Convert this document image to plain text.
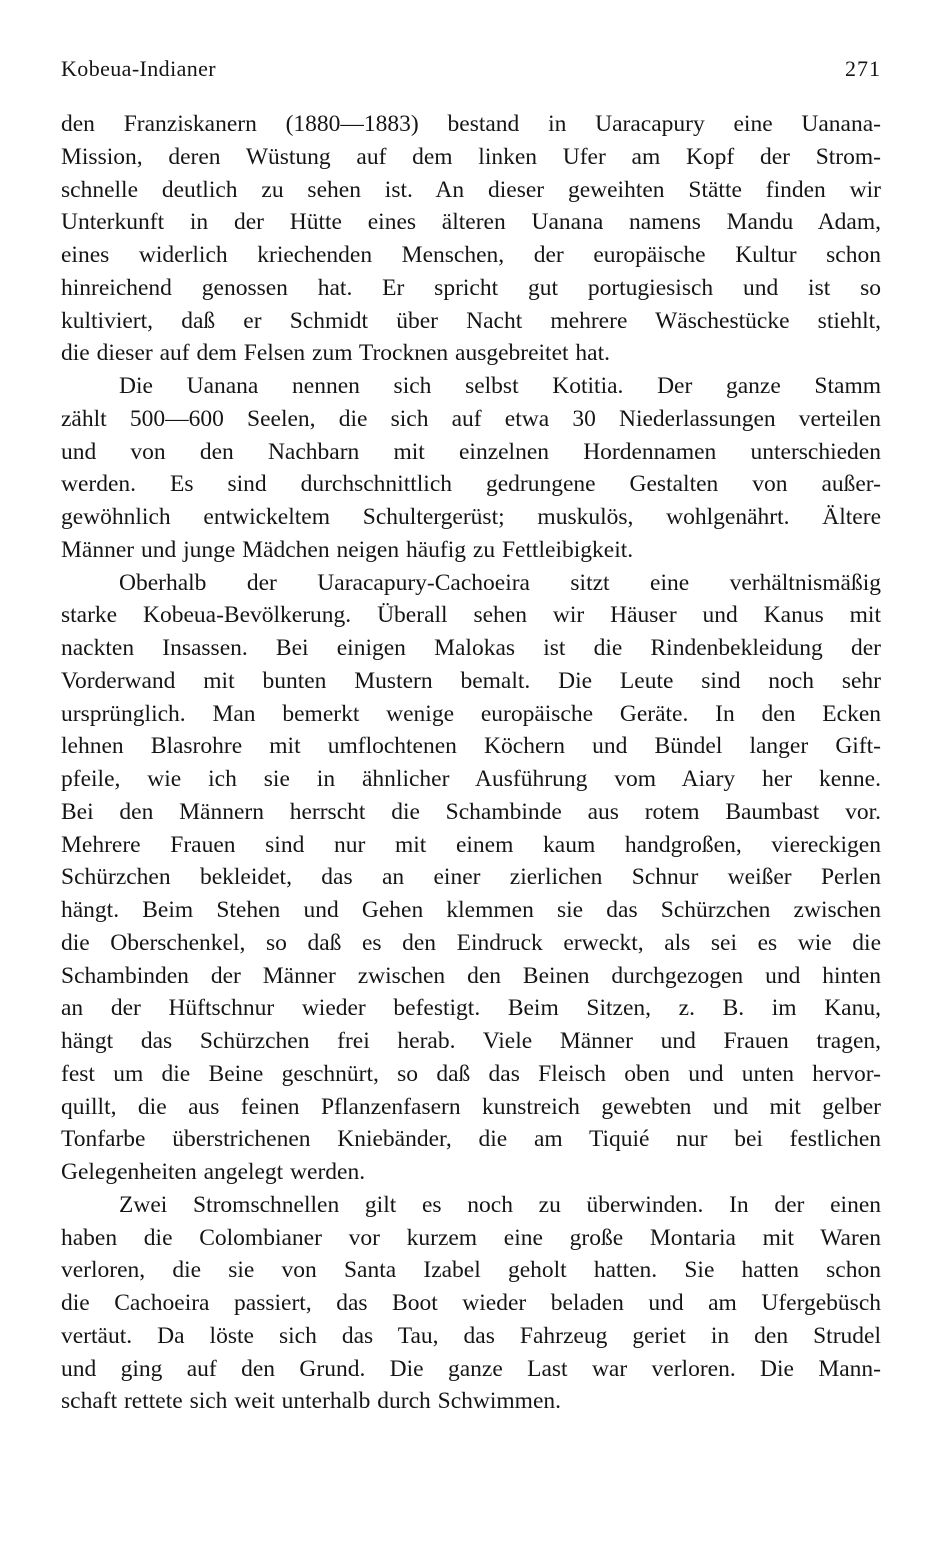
Kobeua-Indianer	271
den Franziskanern (1880—1883) bestand in Uaracapury eine Uanana-
Mission, deren Wüstung auf dem linken Ufer am Kopf der Strom-
schnelle deutlich zu sehen ist. An dieser geweihten Stätte finden wir
Unterkunft in der Hütte eines älteren Uanana namens Mandu Adam,
eines widerlich kriechenden Menschen, der europäische Kultur schon
hinreichend genossen hat. Er spricht gut portugiesisch und ist so
kultiviert, daß er Schmidt über Nacht mehrere Wäschestücke stiehlt,
die dieser auf dem Felsen zum Trocknen ausgebreitet hat.
Die Uanana nennen sich selbst Kotitia. Der ganze Stamm
zählt 500—600 Seelen, die sich auf etwa 30 Niederlassungen verteilen
und von den Nachbarn mit einzelnen Hordennamen unterschieden
werden. Es sind durchschnittlich gedrungene Gestalten von außer-
gewöhnlich entwickeltem Schultergerüst; muskulös, wohlgenährt. Ältere
Männer und junge Mädchen neigen häufig zu Fettleibigkeit.
Oberhalb der Uaracapury-Cachoeira sitzt eine verhältnismäßig
starke Kobeua-Bevölkerung. Überall sehen wir Häuser und Kanus mit
nackten Insassen. Bei einigen Malokas ist die Rindenbekleidung der
Vorderwand mit bunten Mustern bemalt. Die Leute sind noch sehr
ursprünglich. Man bemerkt wenige europäische Geräte. In den Ecken
lehnen Blasrohre mit umflochtenen Köchern und Bündel langer Gift-
pfeile, wie ich sie in ähnlicher Ausführung vom Aiary her kenne.
Bei den Männern herrscht die Schambinde aus rotem Baumbast vor.
Mehrere Frauen sind nur mit einem kaum handgroßen, viereckigen
Schürzchen bekleidet, das an einer zierlichen Schnur weißer Perlen
hängt. Beim Stehen und Gehen klemmen sie das Schürzchen zwischen
die Oberschenkel, so daß es den Eindruck erweckt, als sei es wie die
Schambinden der Männer zwischen den Beinen durchgezogen und hinten
an der Hüftschnur wieder befestigt. Beim Sitzen, z. B. im Kanu,
hängt das Schürzchen frei herab. Viele Männer und Frauen tragen,
fest um die Beine geschnürt, so daß das Fleisch oben und unten hervor-
quillt, die aus feinen Pflanzenfasern kunstreich gewebten und mit gelber
Tonfarbe überstrichenen Kniebänder, die am Tiquié nur bei festlichen
Gelegenheiten angelegt werden.
Zwei Stromschnellen gilt es noch zu überwinden. In der einen
haben die Colombianer vor kurzem eine große Montaria mit Waren
verloren, die sie von Santa Izabel geholt hatten. Sie hatten schon
die Cachoeira passiert, das Boot wieder beladen und am Ufergebüsch
vertäut. Da löste sich das Tau, das Fahrzeug geriet in den Strudel
und ging auf den Grund. Die ganze Last war verloren. Die Mann-
schaft rettete sich weit unterhalb durch Schwimmen.
